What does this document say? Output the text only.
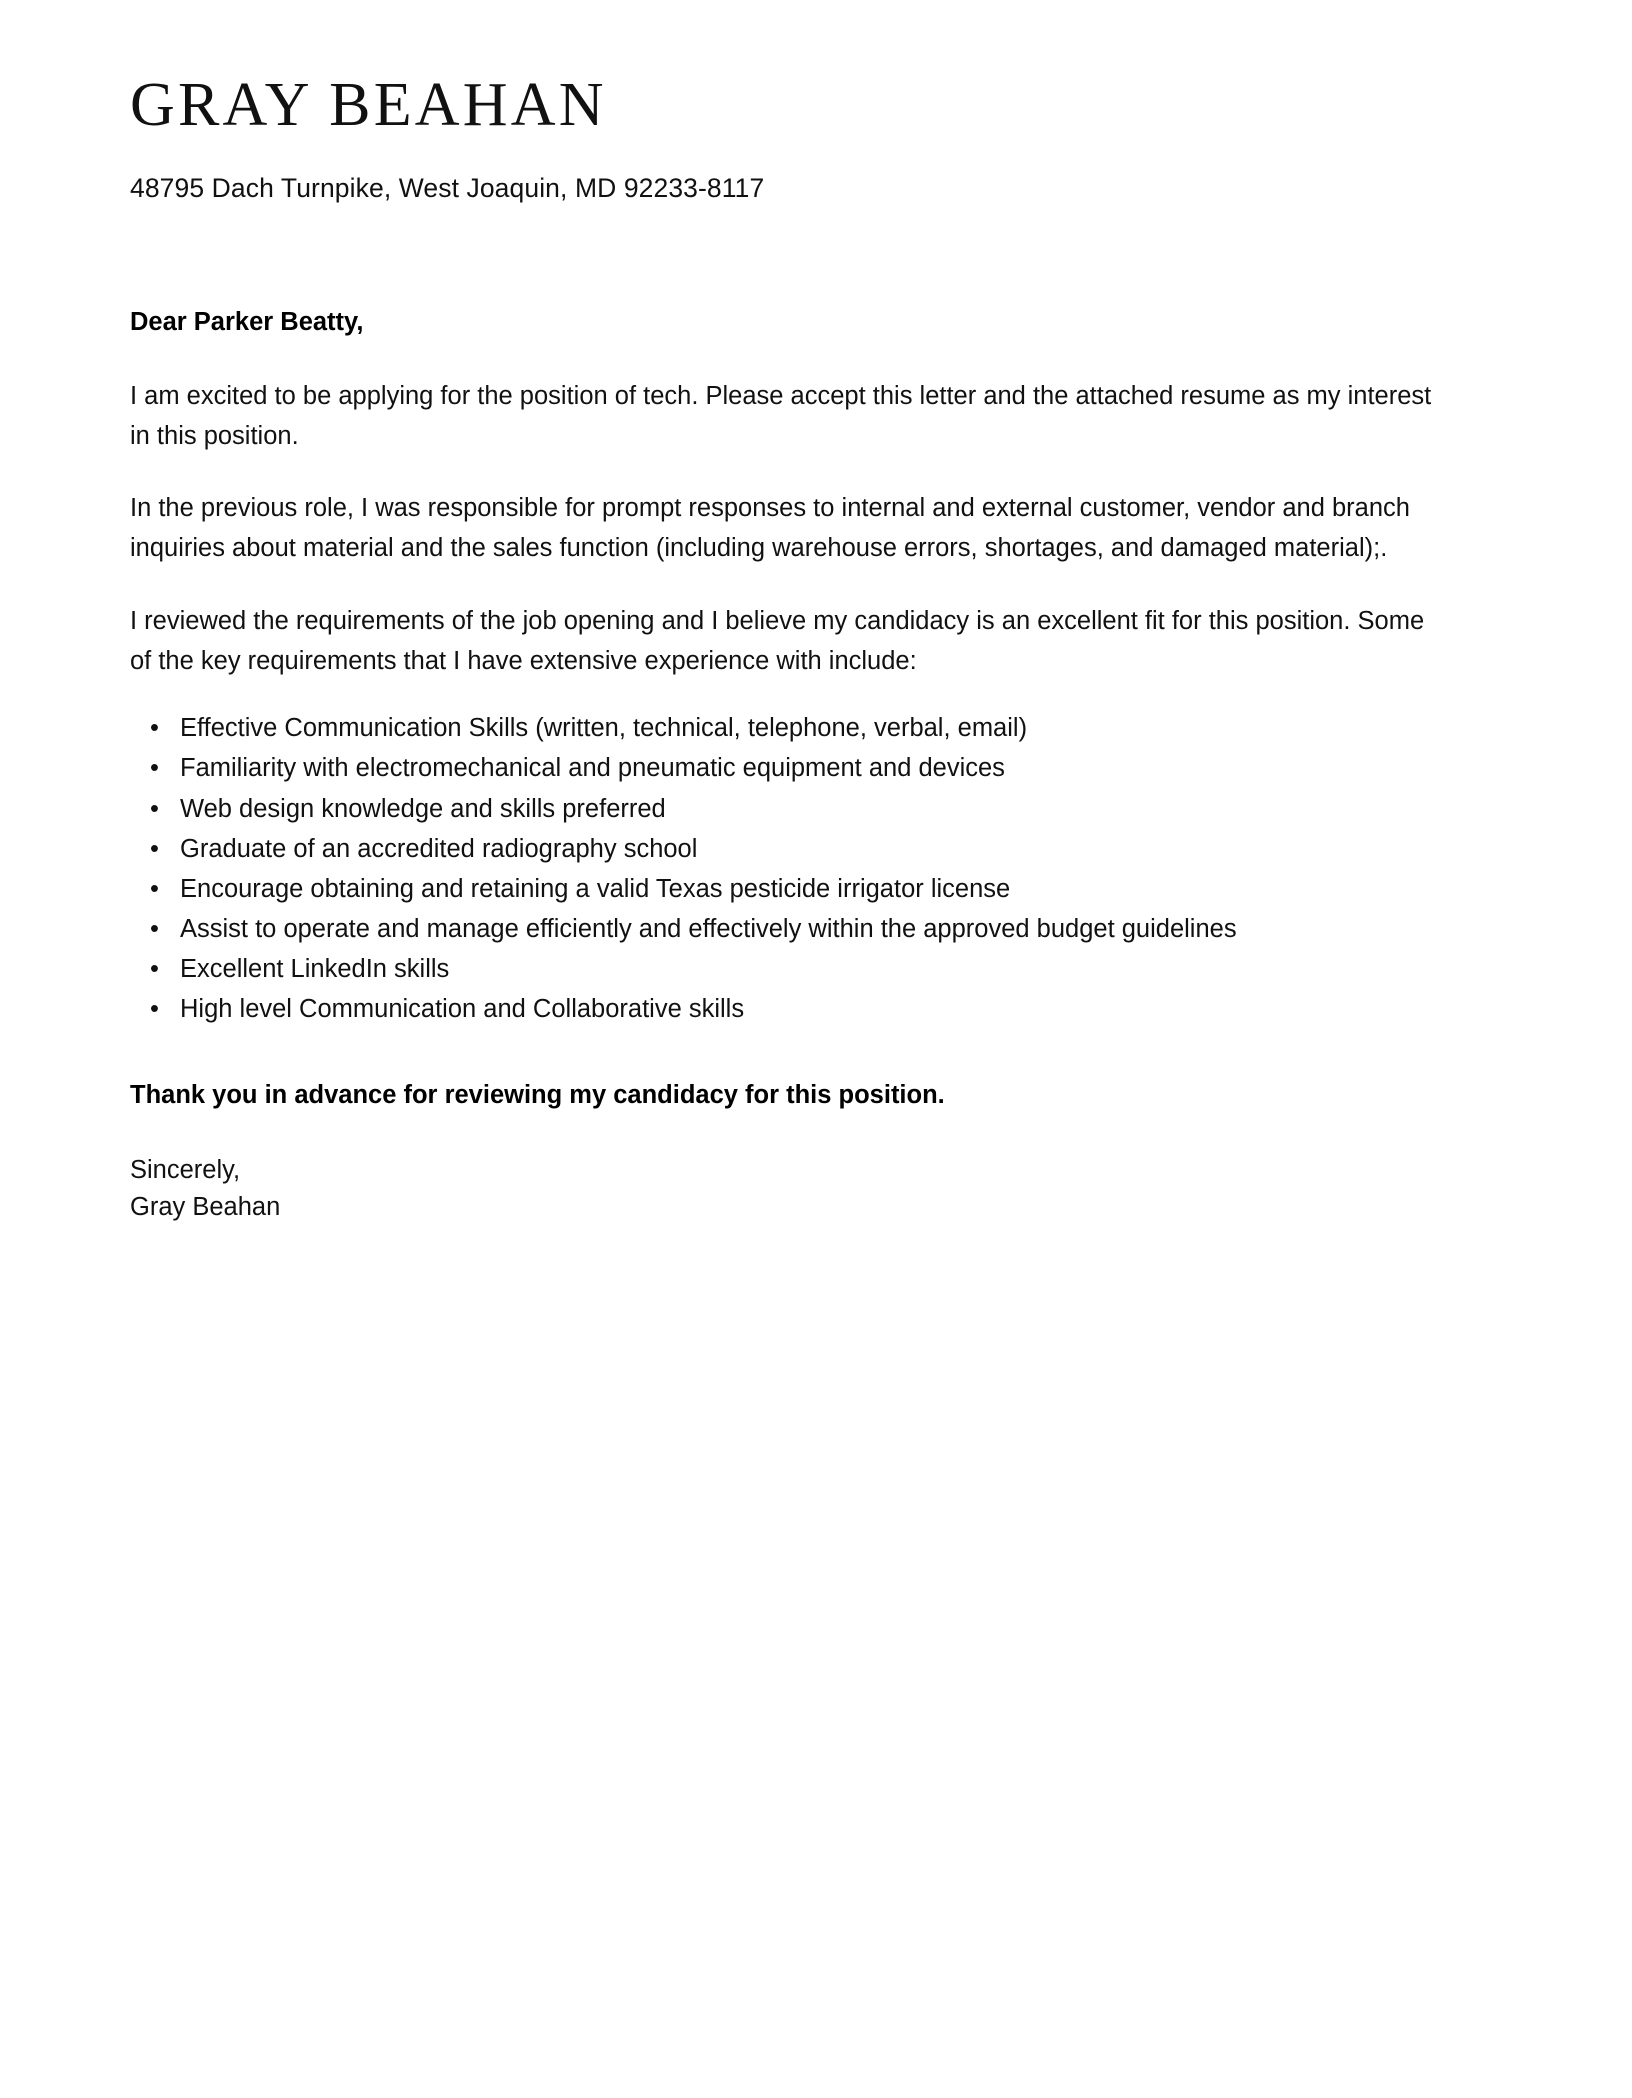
GRAY BEAHAN

48795 Dach Turnpike, West Joaquin, MD 92233-8117

Dear Parker Beatty,

I am excited to be applying for the position of tech. Please accept this letter and the attached resume as my interest in this position.

In the previous role, I was responsible for prompt responses to internal and external customer, vendor and branch inquiries about material and the sales function (including warehouse errors, shortages, and damaged material);.

I reviewed the requirements of the job opening and I believe my candidacy is an excellent fit for this position. Some of the key requirements that I have extensive experience with include:

• Effective Communication Skills (written, technical, telephone, verbal, email)
• Familiarity with electromechanical and pneumatic equipment and devices
• Web design knowledge and skills preferred
• Graduate of an accredited radiography school
• Encourage obtaining and retaining a valid Texas pesticide irrigator license
• Assist to operate and manage efficiently and effectively within the approved budget guidelines
• Excellent LinkedIn skills
• High level Communication and Collaborative skills

Thank you in advance for reviewing my candidacy for this position.

Sincerely,

Gray Beahan
